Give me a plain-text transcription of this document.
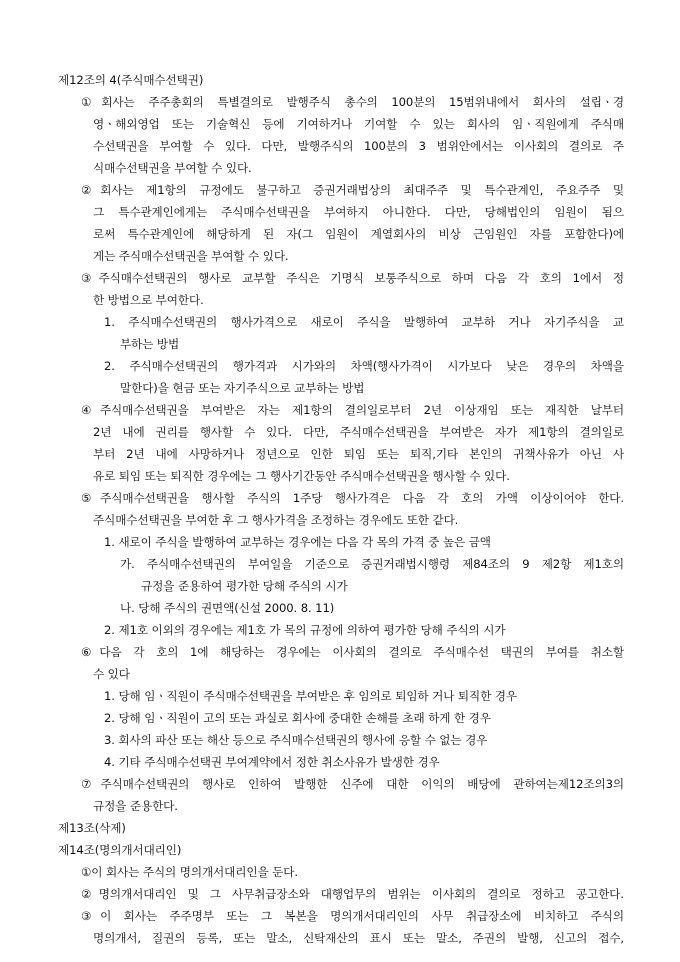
제12조의 4(주식매수선택권)
①회사는 주주총회의 특별결의로 발행주식 총수의 100분의 15범위내에서 회사의 설립ㆍ경
영ㆍ해외영업 또는 기술혁신 등에 기여하거나 기여할 수 있는 회사의 임ㆍ직원에게 주식매
수선택권을 부여할 수 있다. 다만, 발행주식의 100분의 3 범위안에서는 이사회의 결의로 주
식매수선택권을 부여할 수 있다.
②회사는 제1항의 규정에도 불구하고 증권거래법상의 최대주주 및 특수관계인, 주요주주 및
그 특수관계인에게는 주식매수선택권을 부여하지 아니한다. 다만, 당해법인의 임원이 됨으
로써 특수관계인에 해당하게 된 자(그 임원이 계열회사의 비상 근임원인 자를 포함한다)에
게는 주식매수선택권을 부여할 수 있다.
③주식매수선택권의 행사로 교부할 주식은 기명식 보통주식으로 하며 다음 각 호의 1에서 정
한 방법으로 부여한다.
1. 주식매수선택권의 행사가격으로 새로이 주식을 발행하여 교부하 거나 자기주식을 교
부하는 방법
2. 주식매수선택권의 행가격과 시가와의 차액(행사가격이 시가보다 낮은 경우의 차액을
말한다)을 현금 또는 자기주식으로 교부하는 방법
④주식매수선택권을 부여받은 자는 제1항의 결의일로부터 2년 이상재임 또는 재직한 날부터
2년 내에 권리를 행사할 수 있다. 다만, 주식매수선택권을 부여받은 자가 제1항의 결의일로
부터 2년 내에 사망하거나 정년으로 인한 퇴임 또는 퇴직,기타 본인의 귀책사유가 아닌 사
유로 퇴임 또는 퇴직한 경우에는 그 행사기간동안 주식매수선택권을 행사할 수 있다.
⑤주식매수선택권을 행사할 주식의 1주당 행사가격은 다음 각 호의 가액 이상이어야 한다.
주식매수선택권을 부여한 후 그 행사가격을 조정하는 경우에도 또한 같다.
1. 새로이 주식을 발행하여 교부하는 경우에는 다음 각 목의 가격 중 높은 금액
가. 주식매수선택권의 부여일을 기준으로 증권거래법시행령 제84조의 9 제2항 제1호의
규정을 준용하여 평가한 당해 주식의 시가
나. 당해 주식의 권면액(신설 2000. 8. 11)
2. 제1호 이외의 경우에는 제1호 가 목의 규정에 의하여 평가한 당해 주식의 시가
⑥다음 각 호의 1에 해당하는 경우에는 이사회의 결의로 주식매수선 택권의 부여를 취소할
수 있다
1. 당해 임ㆍ직원이 주식매수선택권을 부여받은 후 임의로 퇴임하 거나 퇴직한 경우
2. 당해 임ㆍ직원이 고의 또는 과실로 회사에 중대한 손해를 초래 하게 한 경우
3. 회사의 파산 또는 해산 등으로 주식매수선택권의 행사에 응할 수 없는 경우
4. 기타 주식매수선택권 부여계약에서 정한 취소사유가 발생한 경우
⑦주식매수선택권의 행사로 인하여 발행한 신주에 대한 이익의 배당에 관하여는제12조의3의
규정을 준용한다.
제13조(삭제)
제14조(명의개서대리인)
①이 회사는 주식의 명의개서대리인을 둔다.
②명의개서대리인 및 그 사무취급장소와 대행업무의 범위는 이사회의 결의로 정하고 공고한다.
③이 회사는 주주명부 또는 그 복본을 명의개서대리인의 사무 취급장소에 비치하고 주식의
명의개서, 질권의 등록, 또는 말소, 신탁재산의 표시 또는 말소, 주권의 발행, 신고의 접수,
